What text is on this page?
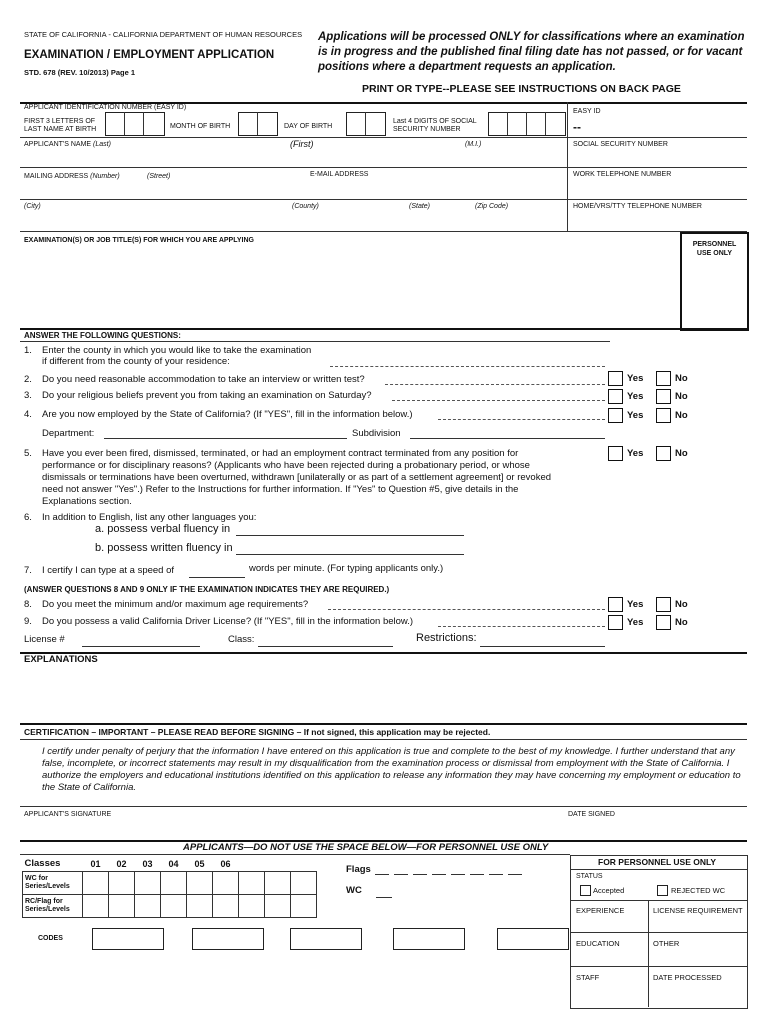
STATE OF CALIFORNIA - CALIFORNIA DEPARTMENT OF HUMAN RESOURCES
EXAMINATION / EMPLOYMENT APPLICATION
STD. 678 (REV. 10/2013) Page 1
Applications will be processed ONLY for classifications where an examination is in progress and the published final filing date has not passed, or for vacant positions where a department requests an application.
PRINT OR TYPE--PLEASE SEE INSTRUCTIONS ON BACK PAGE
APPLICANT IDENTIFICATION NUMBER (EASY ID)
FIRST 3 LETTERS OF LAST NAME AT BIRTH	MONTH OF BIRTH	DAY OF BIRTH
Last 4 DIGITS OF SOCIAL SECURITY NUMBER
EASY ID
--
APPLICANT'S NAME (Last)	(First)	(M.I.)	SOCIAL SECURITY NUMBER
MAILING ADDRESS (Number)	(Street)	E-MAIL ADDRESS	WORK TELEPHONE NUMBER
(City)	(County)	(State)	(Zip Code)	HOME/VRS/TTY TELEPHONE NUMBER
EXAMINATION(S) OR JOB TITLE(S) FOR WHICH YOU ARE APPLYING
PERSONNEL USE ONLY
ANSWER THE FOLLOWING QUESTIONS:
1. Enter the county in which you would like to take the examination
if different from the county of your residence:
2. Do you need reasonable accommodation to take an interview or written test?	Yes	No
3. Do your religious beliefs prevent you from taking an examination on Saturday?	Yes	No
4. Are you now employed by the State of California? (If "YES", fill in the information below.)	Yes	No
Department:	Subdivision
5. Have you ever been fired, dismissed, terminated, or had an employment contract terminated from any position for performance or for disciplinary reasons? (Applicants who have been rejected during a probationary period, or whose dismissals or terminations have been overturned, withdrawn [unilaterally or as part of a settlement agreement] or revoked need not answer "Yes".) Refer to the Instructions for further information. If "Yes" to Question #5, give details in the Explanations section.
Yes	No
6. In addition to English, list any other languages you:
a. possess verbal fluency in
b. possess written fluency in
7. I certify I can type at a speed of	words per minute. (For typing applicants only.)
(ANSWER QUESTIONS 8 AND 9 ONLY IF THE EXAMINATION INDICATES THEY ARE REQUIRED.)
8. Do you meet the minimum and/or maximum age requirements?	Yes	No
9. Do you possess a valid California Driver License? (If "YES", fill in the information below.)	Yes	No
License #	Class:	Restrictions:
EXPLANATIONS
CERTIFICATION – IMPORTANT – PLEASE READ BEFORE SIGNING – If not signed, this application may be rejected.
I certify under penalty of perjury that the information I have entered on this application is true and complete to the best of my knowledge. I further understand that any false, incomplete, or incorrect statements may result in my disqualification from the examination process or dismissal from employment with the State of California. I authorize the employers and educational institutions identified on this application to release any information they may have concerning my employment or education to the State of California.
APPLICANT'S SIGNATURE	DATE SIGNED
APPLICANTS—DO NOT USE THE SPACE BELOW—FOR PERSONNEL USE ONLY
Classes	01	02	03	04	05	06			
WC for Series/Levels									
RC/Flag for Series/Levels									
Flags
WC
CODES
FOR PERSONNEL USE ONLY
STATUS
Accepted	REJECTED WC
EXPERIENCE	LICENSE REQUIREMENT
EDUCATION	OTHER
STAFF	DATE PROCESSED
